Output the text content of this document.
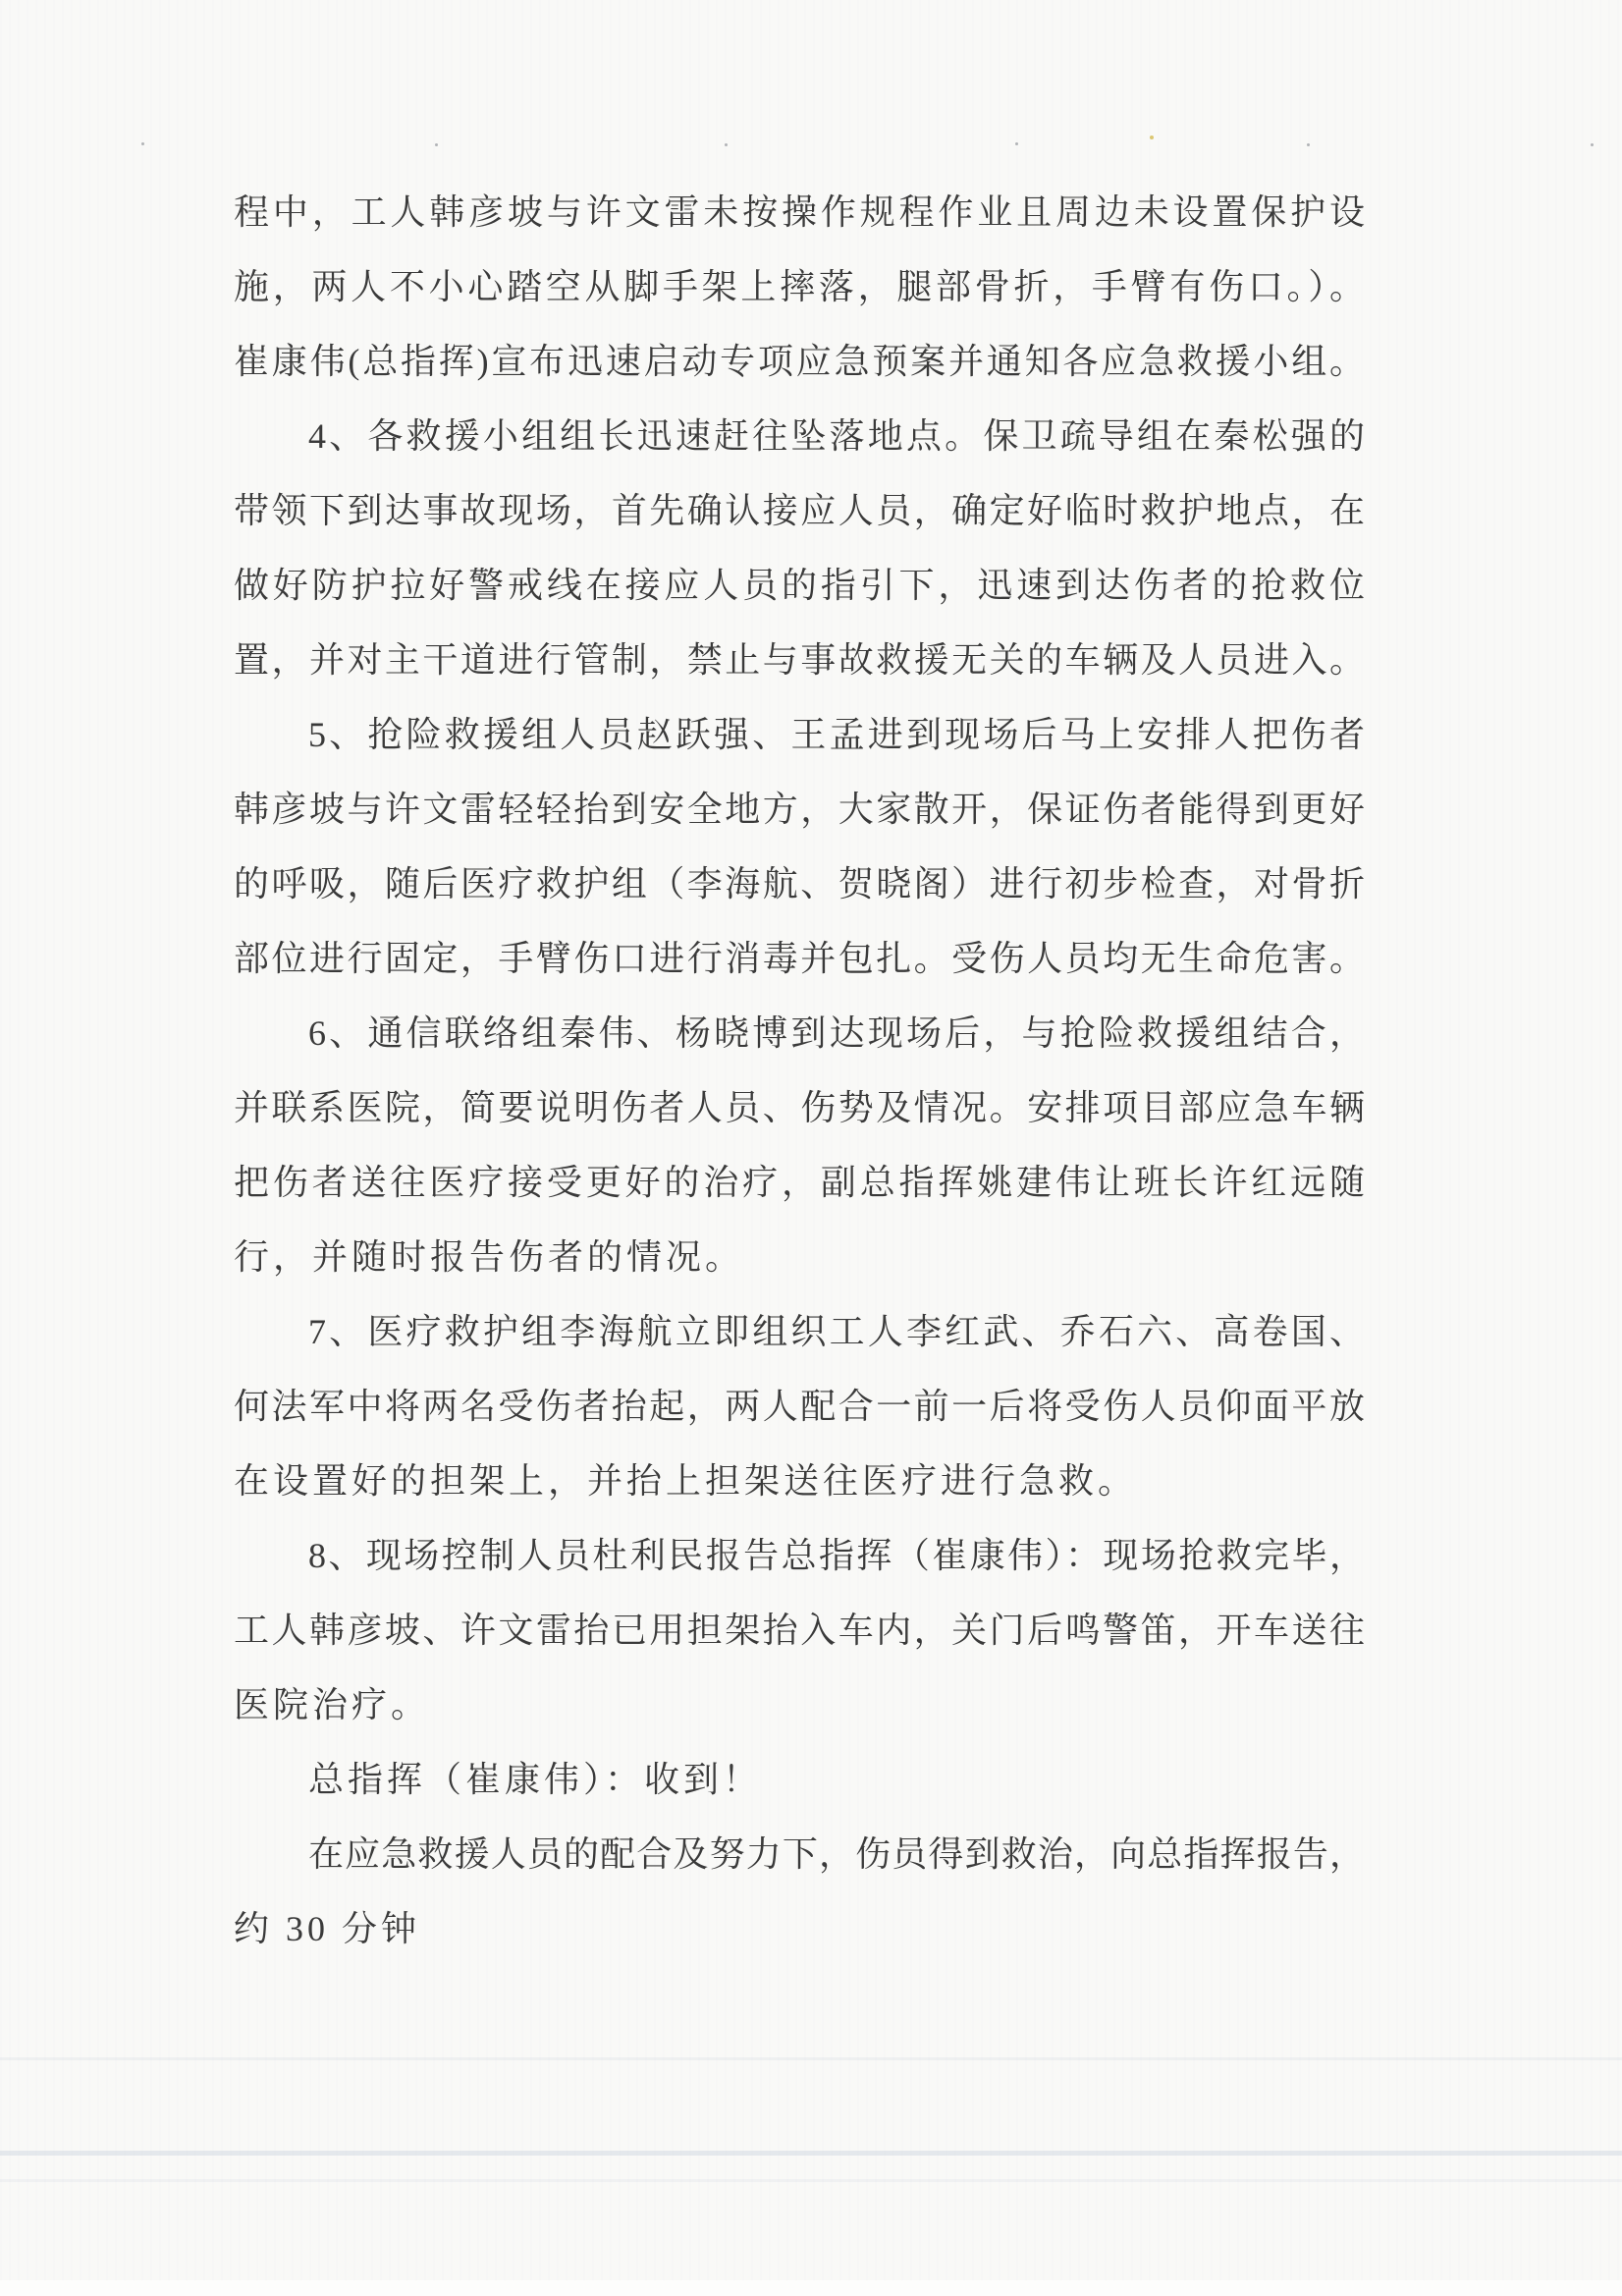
程中，工人韩彦坡与许文雷未按操作规程作业且周边未设置保护设

施，两人不小心踏空从脚手架上摔落，腿部骨折，手臂有伤口。）。

崔康伟(总指挥)宣布迅速启动专项应急预案并通知各应急救援小组。

4、各救援小组组长迅速赶往坠落地点。保卫疏导组在秦松强的

带领下到达事故现场，首先确认接应人员，确定好临时救护地点，在

做好防护拉好警戒线在接应人员的指引下，迅速到达伤者的抢救位

置，并对主干道进行管制，禁止与事故救援无关的车辆及人员进入。

5、抢险救援组人员赵跃强、王孟进到现场后马上安排人把伤者

韩彦坡与许文雷轻轻抬到安全地方，大家散开，保证伤者能得到更好

的呼吸，随后医疗救护组（李海航、贺晓阁）进行初步检查，对骨折

部位进行固定，手臂伤口进行消毒并包扎。受伤人员均无生命危害。

6、通信联络组秦伟、杨晓博到达现场后，与抢险救援组结合，

并联系医院，简要说明伤者人员、伤势及情况。安排项目部应急车辆

把伤者送往医疗接受更好的治疗，副总指挥姚建伟让班长许红远随

行，并随时报告伤者的情况。

7、医疗救护组李海航立即组织工人李红武、乔石六、高卷国、

何法军中将两名受伤者抬起，两人配合一前一后将受伤人员仰面平放

在设置好的担架上，并抬上担架送往医疗进行急救。

8、现场控制人员杜利民报告总指挥（崔康伟）：现场抢救完毕，

工人韩彦坡、许文雷抬已用担架抬入车内，关门后鸣警笛，开车送往

医院治疗。

总指挥（崔康伟）：收到！

在应急救援人员的配合及努力下，伤员得到救治，向总指挥报告，

约 30 分钟
